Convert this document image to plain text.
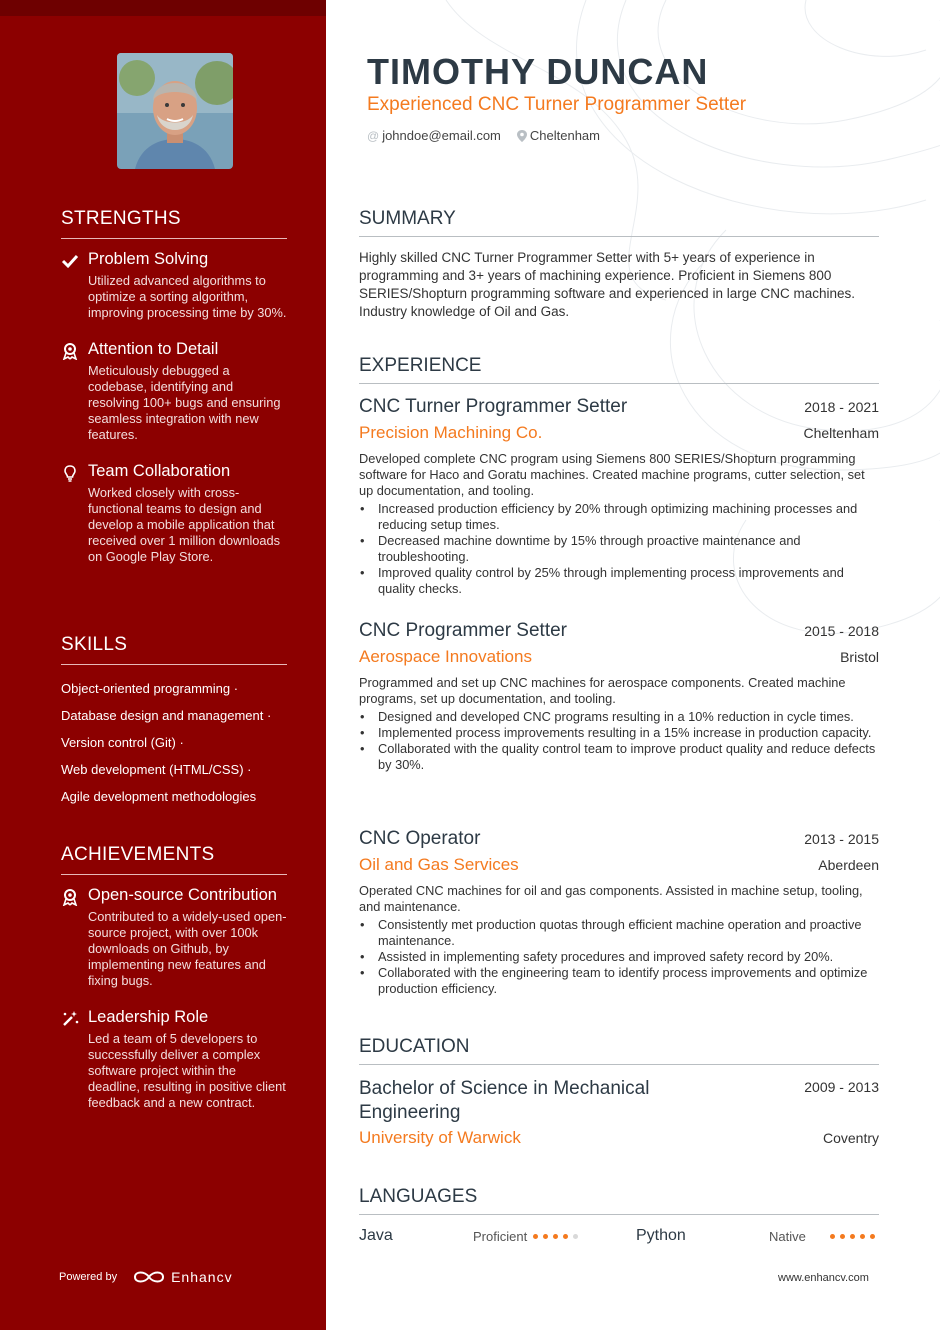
STRENGTHS
Problem Solving
Utilized advanced algorithms to optimize a sorting algorithm, improving processing time by 30%.
Attention to Detail
Meticulously debugged a codebase, identifying and resolving 100+ bugs and ensuring seamless integration with new features.
Team Collaboration
Worked closely with cross-functional teams to design and develop a mobile application that received over 1 million downloads on Google Play Store.
SKILLS
Object-oriented programming ·
Database design and management ·
Version control (Git) ·
Web development (HTML/CSS) ·
Agile development methodologies
ACHIEVEMENTS
Open-source Contribution
Contributed to a widely-used open-source project, with over 100k downloads on Github, by implementing new features and fixing bugs.
Leadership Role
Led a team of 5 developers to successfully deliver a complex software project within the deadline, resulting in positive client feedback and a new contract.
Powered by	Enhancv
TIMOTHY DUNCAN
Experienced CNC Turner Programmer Setter
@ johndoe@email.com Cheltenham
SUMMARY
Highly skilled CNC Turner Programmer Setter with 5+ years of experience in programming and 3+ years of machining experience. Proficient in Siemens 800 SERIES/Shopturn programming software and experienced in large CNC machines. Industry knowledge of Oil and Gas.
EXPERIENCE
CNC Turner Programmer Setter	2018 - 2021
Precision Machining Co.	Cheltenham
Developed complete CNC program using Siemens 800 SERIES/Shopturn programming software for Haco and Goratu machines. Created machine programs, cutter selection, set up documentation, and tooling.
• Increased production efficiency by 20% through optimizing machining processes and reducing setup times.
• Decreased machine downtime by 15% through proactive maintenance and troubleshooting.
• Improved quality control by 25% through implementing process improvements and quality checks.
CNC Programmer Setter	2015 - 2018
Aerospace Innovations	Bristol
Programmed and set up CNC machines for aerospace components. Created machine programs, set up documentation, and tooling.
• Designed and developed CNC programs resulting in a 10% reduction in cycle times.
• Implemented process improvements resulting in a 15% increase in production capacity.
• Collaborated with the quality control team to improve product quality and reduce defects by 30%.
CNC Operator	2013 - 2015
Oil and Gas Services	Aberdeen
Operated CNC machines for oil and gas components. Assisted in machine setup, tooling, and maintenance.
• Consistently met production quotas through efficient machine operation and proactive maintenance.
• Assisted in implementing safety procedures and improved safety record by 20%.
• Collaborated with the engineering team to identify process improvements and optimize production efficiency.
EDUCATION
Bachelor of Science in Mechanical Engineering
2009 - 2013
University of Warwick	Coventry
LANGUAGES
Java	Proficient	Python	Native
www.enhancv.com
